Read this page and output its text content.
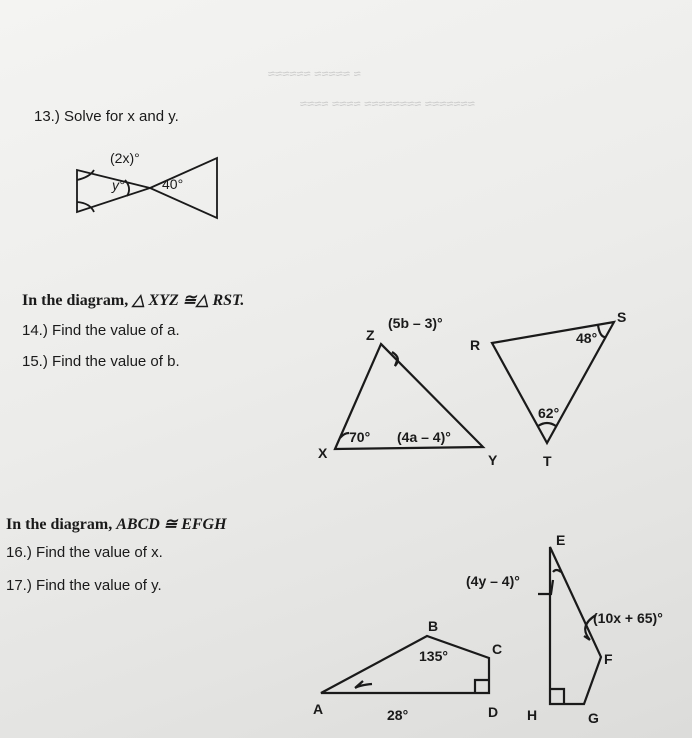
≈ ≈≈≈≈≈ ≈≈≈≈≈≈
≈≈≈≈≈≈≈ ≈≈≈≈≈≈≈≈ ≈≈≈≈ ≈≈≈≈
13.) Solve for x and y.
In the diagram, △ XYZ ≅△ RST.
14.) Find the value of a.
15.) Find the value of b.
In the diagram, ABCD ≅ EFGH
16.) Find the value of x.
17.) Find the value of y.
(2x)°
y°	40°
Z
X	Y
(5b – 3)°
70° (4a – 4)°
R
S
T
48°
62°
A
B
C
D
135°
28°
E
F
G
H
(4y – 4)°
(10x + 65)°
